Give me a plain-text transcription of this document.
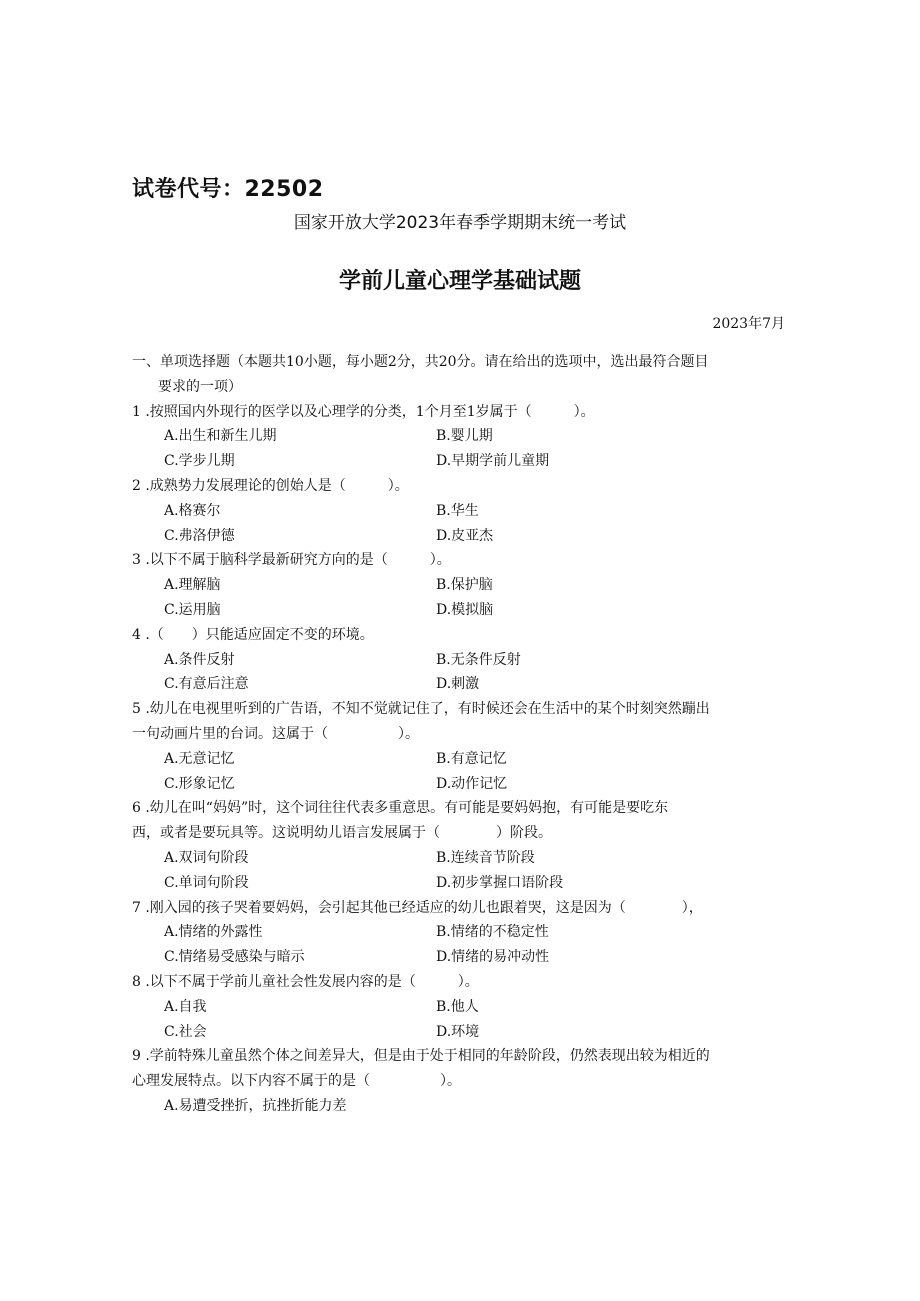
试卷代号：22502
国家开放大学2023年春季学期期末统一考试
学前儿童心理学基础试题
2023年7月
一、单项选择题（本题共10小题，每小题2分，共20分。请在给出的选项中，选出最符合题目
要求的一项）
1 .按照国内外现行的医学以及心理学的分类，1个月至1岁属于（　　　）。
A.出生和新生儿期	B.婴儿期
C.学步儿期	D.早期学前儿童期
2 .成熟势力发展理论的创始人是（　　　）。
A.格赛尔	B.华生
C.弗洛伊德	D.皮亚杰
3 .以下不属于脑科学最新研究方向的是（　　　）。
A.理解脑	B.保护脑
C.运用脑	D.模拟脑
4 .（　　）只能适应固定不变的环境。
A.条件反射	B.无条件反射
C.有意后注意	D.刺激
5 .幼儿在电视里听到的广告语，不知不觉就记住了，有时候还会在生活中的某个时刻突然蹦出
一句动画片里的台词。这属于（　　　　　）。
A.无意记忆	B.有意记忆
C.形象记忆	D.动作记忆
6 .幼儿在叫“妈妈”时，这个词往往代表多重意思。有可能是要妈妈抱，有可能是要吃东
西，或者是要玩具等。这说明幼儿语言发展属于（　　　　）阶段。
A.双词句阶段	B.连续音节阶段
C.单词句阶段	D.初步掌握口语阶段
7 .刚入园的孩子哭着要妈妈，会引起其他已经适应的幼儿也跟着哭，这是因为（　　　　），
A.情绪的外露性	B.情绪的不稳定性
C.情绪易受感染与暗示	D.情绪的易冲动性
8 .以下不属于学前儿童社会性发展内容的是（　　　）。
A.自我	B.他人
C.社会	D.环境
9 .学前特殊儿童虽然个体之间差异大，但是由于处于相同的年龄阶段，仍然表现出较为相近的
心理发展特点。以下内容不属于的是（　　　　　）。
A.易遭受挫折，抗挫折能力差
